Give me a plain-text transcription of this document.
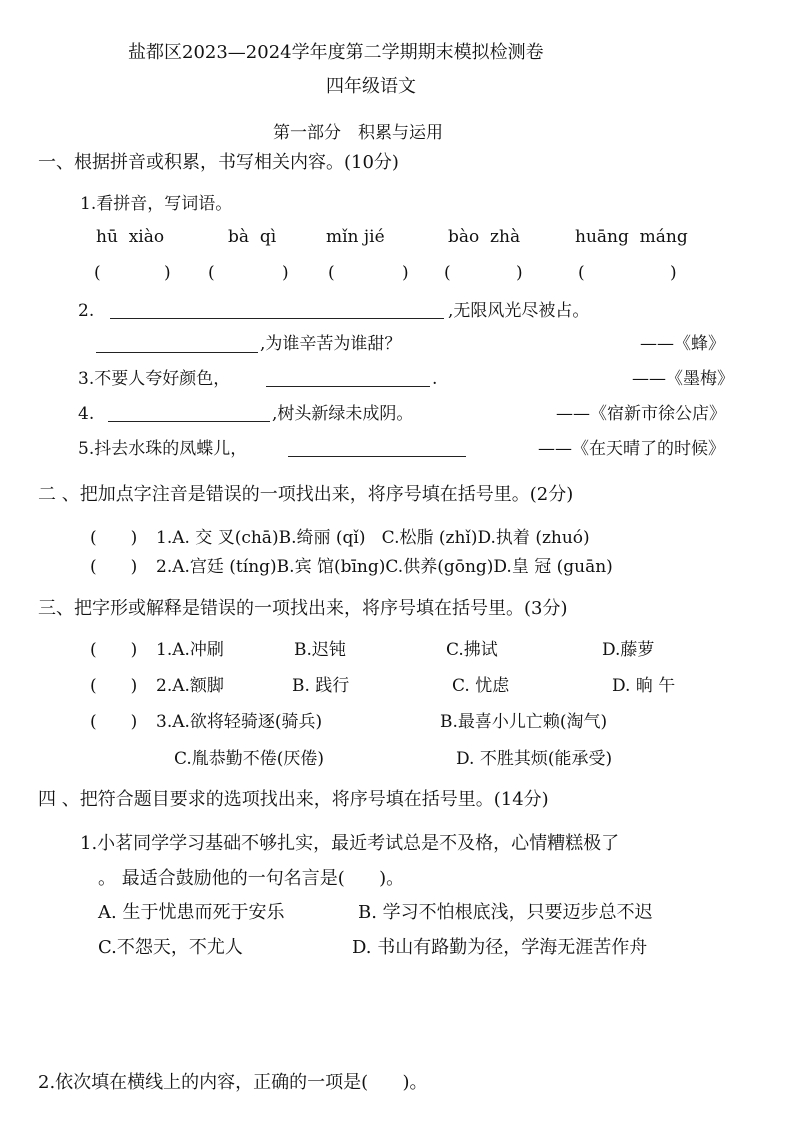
盐都区2023—2024学年度第二学期期末模拟检测卷
四年级语文
第一部分　积累与运用
一、根据拼音或积累，书写相关内容。(10分)
1.看拼音，写词语。
hū  xiào	bà  qì	mǐn jié	bào  zhà	huāng  máng
(	) (	) (	) (	)	(	)
2.	,无限风光尽被占。
,为谁辛苦为谁甜？	——《蜂》
3.不要人夸好颜色，	.	——《墨梅》
4.	,树头新绿未成阴。	——《宿新市徐公店》
5.抖去水珠的凤蝶儿，	——《在天晴了的时候》
二 、把加点字注音是错误的一项找出来，将序号填在括号里。(2分)
(　　) 1.A. 交 叉(chā)B.绮丽 (qǐ)   C.松脂 (zhǐ)D.执着 (zhuó)
(　　) 2.A.宫廷 (tíng)B.宾 馆(bīng)C.供养(gōng)D.皇 冠 (guān)
三、把字形或解释是错误的一项找出来，将序号填在括号里。(3分)
(　　) 1.A.冲刷	B.迟钝	C.拂试	D.藤萝
(　　) 2.A.额脚	B. 践行	C. 忧虑	D. 晌 午
(　　) 3.A.欲将轻骑逐(骑兵)	B.最喜小儿亡赖(淘气)
C.胤恭勤不倦(厌倦)	D. 不胜其烦(能承受)
四 、把符合题目要求的选项找出来，将序号填在括号里。(14分)
1.小茗同学学习基础不够扎实，最近考试总是不及格，心情糟糕极了
。 最适合鼓励他的一句名言是(      )。
A. 生于忧患而死于安乐	B. 学习不怕根底浅，只要迈步总不迟
C.不怨天，不尤人	D. 书山有路勤为径，学海无涯苦作舟
2.依次填在横线上的内容，正确的一项是(      )。
